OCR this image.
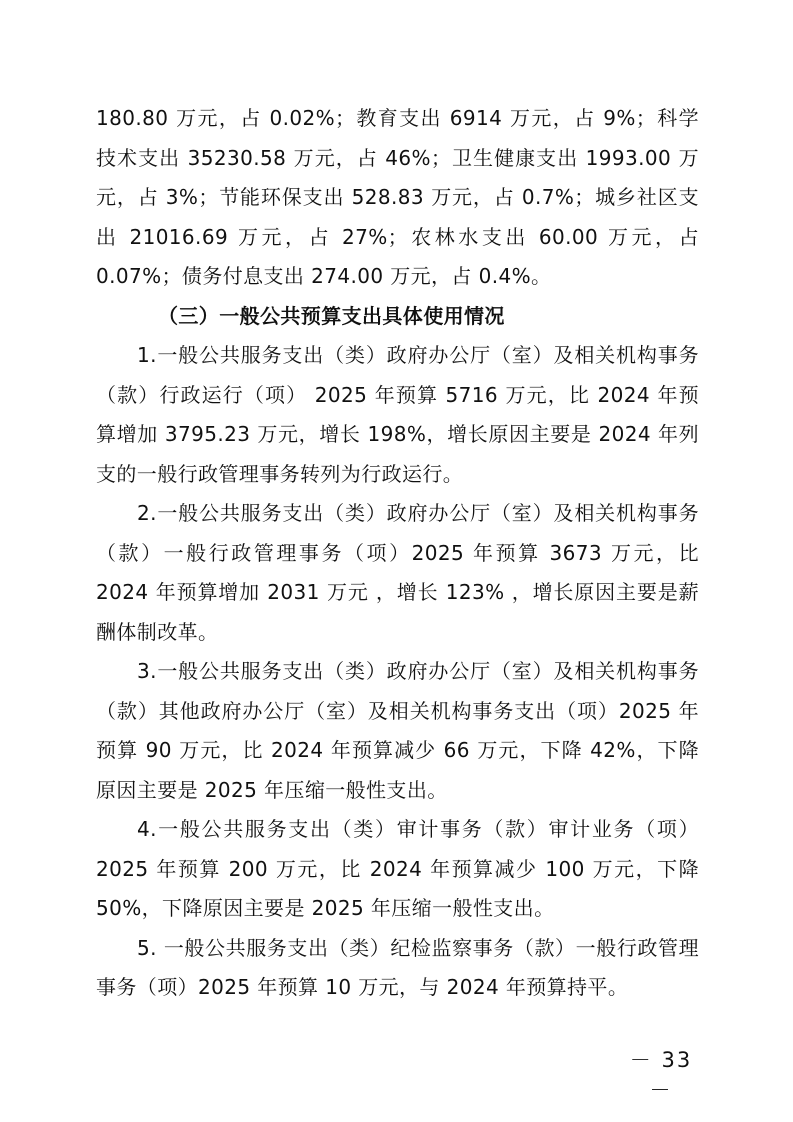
180.80 万元，占 0.02%；教育支出 6914 万元，占 9%；科学技术支出 35230.58 万元，占 46%；卫生健康支出 1993.00 万元，占 3%；节能环保支出 528.83 万元，占 0.7%；城乡社区支出 21016.69 万元，占 27%；农林水支出 60.00 万元，占 0.07%；债务付息支出 274.00 万元，占 0.4%。

（三）一般公共预算支出具体使用情况

1.一般公共服务支出（类）政府办公厅（室）及相关机构事务（款）行政运行（项） 2025 年预算 5716 万元，比 2024 年预算增加 3795.23 万元，增长 198%，增长原因主要是 2024 年列支的一般行政管理事务转列为行政运行。

2.一般公共服务支出（类）政府办公厅（室）及相关机构事务（款）一般行政管理事务（项）2025 年预算 3673 万元，比 2024 年预算增加 2031 万元 ，增长 123% ，增长原因主要是薪酬体制改革。

3.一般公共服务支出（类）政府办公厅（室）及相关机构事务（款）其他政府办公厅（室）及相关机构事务支出（项）2025 年预算 90 万元，比 2024 年预算减少 66 万元，下降 42%，下降原因主要是 2025 年压缩一般性支出。

4.一般公共服务支出（类）审计事务（款）审计业务（项）2025 年预算 200 万元，比 2024 年预算减少 100 万元，下降 50%，下降原因主要是 2025 年压缩一般性支出。

5. 一般公共服务支出（类）纪检监察事务（款）一般行政管理事务（项）2025 年预算 10 万元，与 2024 年预算持平。

－ 33 －
